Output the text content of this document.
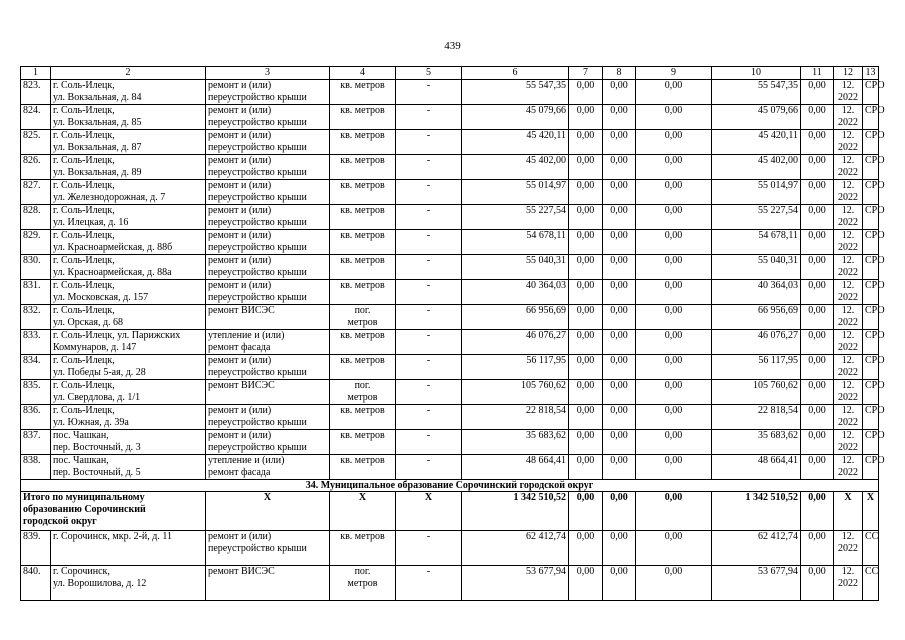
439
1	2	3	4	5	6	7	8	9	10	11	12	13

823.	г. Соль-Илецк,
ул. Вокзальная, д. 84	ремонт и (или)
переустройство крыши	кв. метров	-	55 547,35	0,00	0,00	0,00	55 547,35	0,00	12.
2022	СРО

824.	г. Соль-Илецк,
ул. Вокзальная, д. 85	ремонт и (или)
переустройство крыши	кв. метров	-	45 079,66	0,00	0,00	0,00	45 079,66	0,00	12.
2022	СРО

825.	г. Соль-Илецк,
ул. Вокзальная, д. 87	ремонт и (или)
переустройство крыши	кв. метров	-	45 420,11	0,00	0,00	0,00	45 420,11	0,00	12.
2022	СРО

826.	г. Соль-Илецк,
ул. Вокзальная, д. 89	ремонт и (или)
переустройство крыши	кв. метров	-	45 402,00	0,00	0,00	0,00	45 402,00	0,00	12.
2022	СРО

827.	г. Соль-Илецк,
ул. Железнодорожная, д. 7	ремонт и (или)
переустройство крыши	кв. метров	-	55 014,97	0,00	0,00	0,00	55 014,97	0,00	12.
2022	СРО

828.	г. Соль-Илецк,
ул. Илецкая, д. 16	ремонт и (или)
переустройство крыши	кв. метров	-	55 227,54	0,00	0,00	0,00	55 227,54	0,00	12.
2022	СРО

829.	г. Соль-Илецк,
ул. Красноармейская, д. 88б	ремонт и (или)
переустройство крыши	кв. метров	-	54 678,11	0,00	0,00	0,00	54 678,11	0,00	12.
2022	СРО

830.	г. Соль-Илецк,
ул. Красноармейская, д. 88а	ремонт и (или)
переустройство крыши	кв. метров	-	55 040,31	0,00	0,00	0,00	55 040,31	0,00	12.
2022	СРО

831.	г. Соль-Илецк,
ул. Московская, д. 157	ремонт и (или)
переустройство крыши	кв. метров	-	40 364,03	0,00	0,00	0,00	40 364,03	0,00	12.
2022	СРО

832.	г. Соль-Илецк,
ул. Орская, д. 68	ремонт ВИСЭС	пог.
метров	-	66 956,69	0,00	0,00	0,00	66 956,69	0,00	12.
2022	СРО

833.	г. Соль-Илецк, ул. Парижских
Коммунаров, д. 147	утепление и (или)
ремонт фасада	кв. метров	-	46 076,27	0,00	0,00	0,00	46 076,27	0,00	12.
2022	СРО

834.	г. Соль-Илецк,
ул. Победы 5-ая, д. 28	ремонт и (или)
переустройство крыши	кв. метров	-	56 117,95	0,00	0,00	0,00	56 117,95	0,00	12.
2022	СРО

835.	г. Соль-Илецк,
ул. Свердлова, д. 1/1	ремонт ВИСЭС	пог.
метров	-	105 760,62	0,00	0,00	0,00	105 760,62	0,00	12.
2022	СРО

836.	г. Соль-Илецк,
ул. Южная, д. 39а	ремонт и (или)
переустройство крыши	кв. метров	-	22 818,54	0,00	0,00	0,00	22 818,54	0,00	12.
2022	СРО

837.	пос. Чашкан,
пер. Восточный, д. 3	ремонт и (или)
переустройство крыши	кв. метров	-	35 683,62	0,00	0,00	0,00	35 683,62	0,00	12.
2022	СРО

838.	пос. Чашкан,
пер. Восточный, д. 5	утепление и (или)
ремонт фасада	кв. метров	-	48 664,41	0,00	0,00	0,00	48 664,41	0,00	12.
2022	СРО

34. Муниципальное образование Сорочинский городской округ												

Итого по муниципальному
образованию Сорочинский
городской округ		Х	Х	Х	1 342 510,52	0,00	0,00	0,00	1 342 510,52	0,00	Х	Х

839.	г. Сорочинск, мкр. 2-й, д. 11	ремонт и (или)
переустройство крыши	кв. метров	-	62 412,74	0,00	0,00	0,00	62 412,74	0,00	12.
2022	СС

840.	г. Сорочинск,
ул. Ворошилова, д. 12	ремонт ВИСЭС	пог.
метров	-	53 677,94	0,00	0,00	0,00	53 677,94	0,00	12.
2022	СС
